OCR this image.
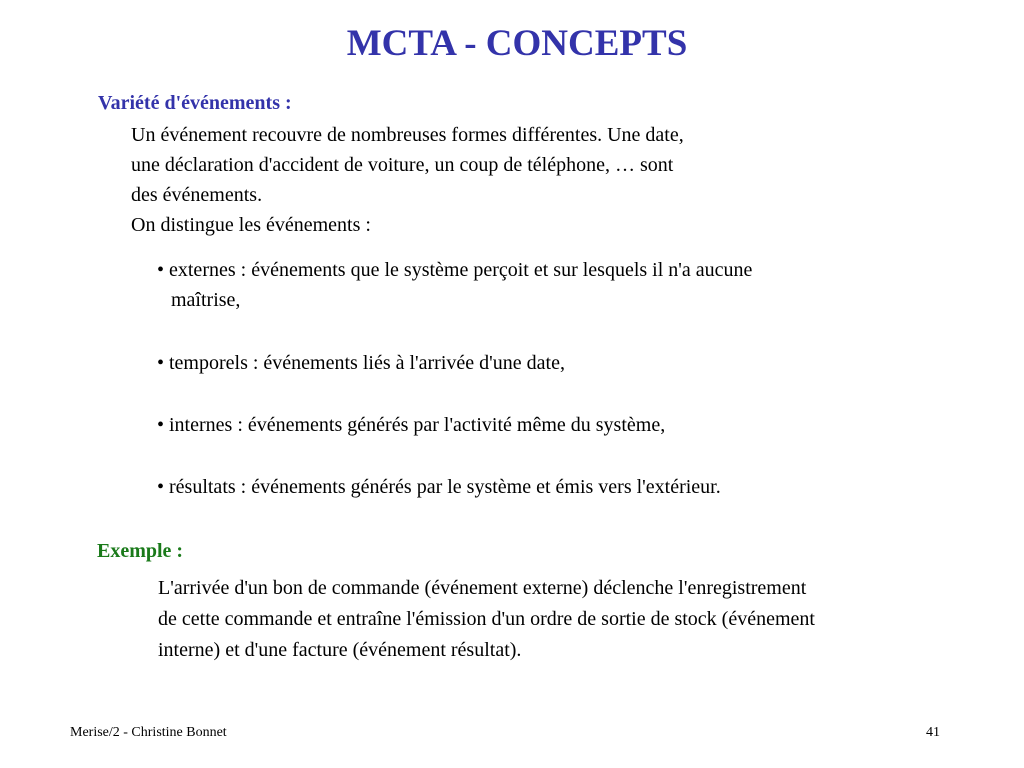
MCTA - CONCEPTS
Variété d'événements :
Un événement recouvre de nombreuses formes différentes. Une date,
une déclaration d'accident de voiture, un coup de téléphone, … sont
des événements.
On distingue les événements :
• externes : événements que le système perçoit et sur lesquels il n'a aucune
maîtrise,
• temporels : événements liés à l'arrivée d'une date,
• internes : événements générés par l'activité même du système,
• résultats : événements générés par le système et émis vers l'extérieur.
Exemple :
L'arrivée d'un bon de commande (événement externe) déclenche l'enregistrement
de cette commande et entraîne l'émission d'un ordre de sortie de stock (événement
interne) et d'une facture (événement résultat).
Merise/2 - Christine Bonnet	41
